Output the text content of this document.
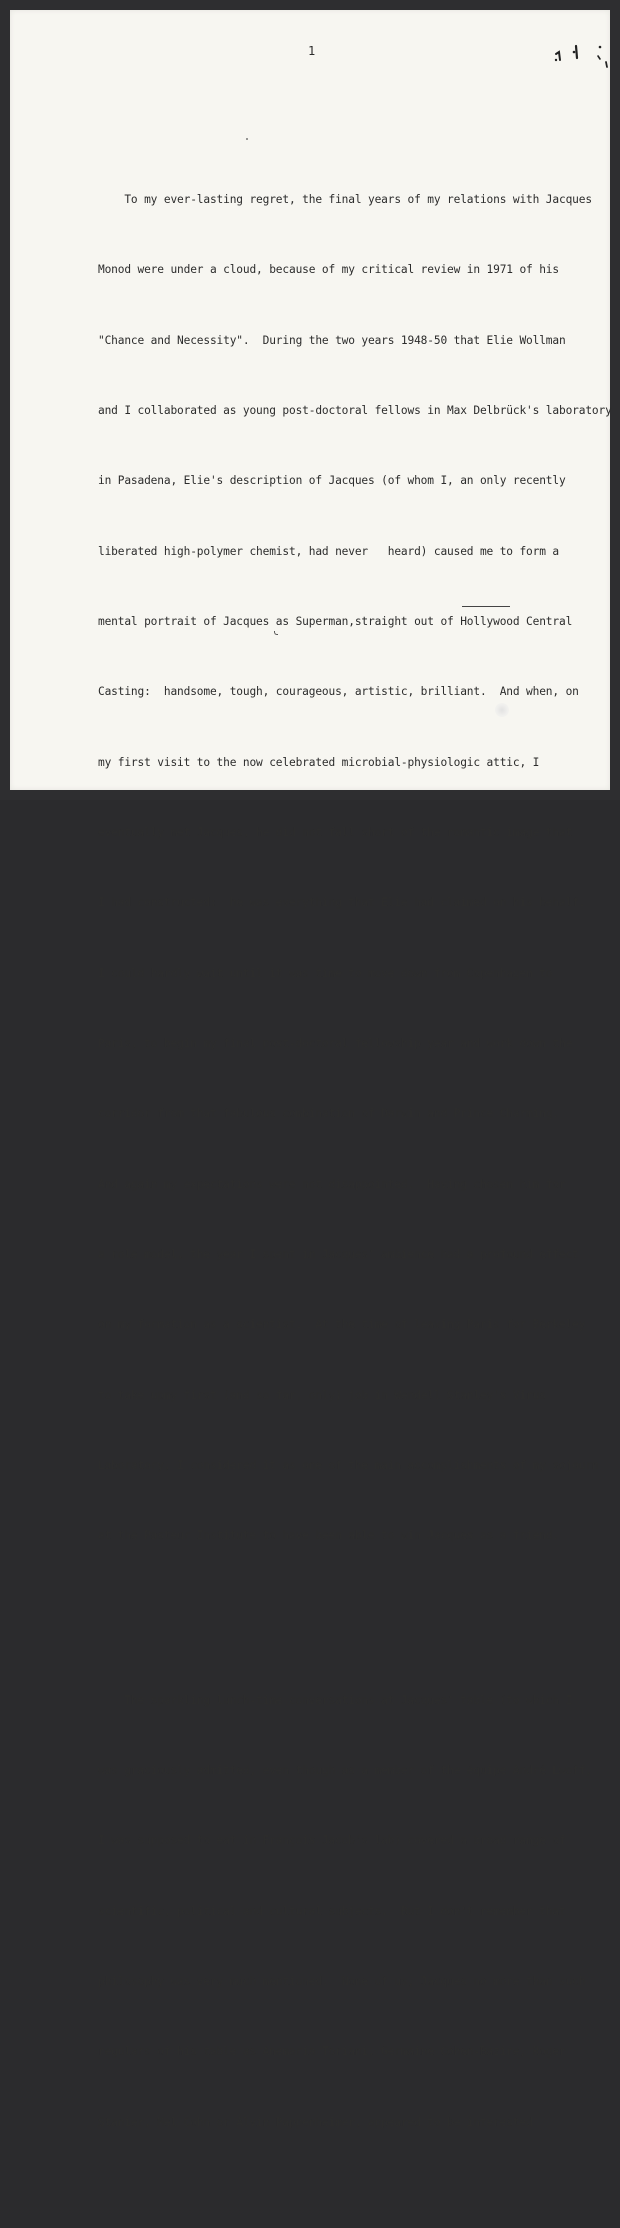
1

To my ever-lasting regret, the final years of my relations with Jacques

Monod were under a cloud, because of my critical review in 1971 of his

"Chance and Necessity".  During the two years 1948-50 that Elie Wollman

and I collaborated as young post-doctoral fellows in Max Delbrück's laboratory

in Pasadena, Elie's description of Jacques (of whom I, an only recently

liberated high-polymer chemist, had never   heard) caused me to form a

mental portrait of Jacques as Superman,straight out of Hollywood Central

Casting:  handsome, tough, courageous, artistic, brilliant.  And when, on

my first visit to the now celebrated microbial-physiologic attic, I

eventually met Jacques, he did not fall short of the romantic image that

I had constructed:  he was everything that Elie had claimed on his behalf.

I could hardly wait until it was time to move down from Copenhagen to

Paris, to begin my final post-doctoral fellowship year and work down the

corridor from that fabulous combination of Darwin and Prince Charming.

And again my expectations were not disappointed.  Having chosen him for

a role model, the year I spent in Jacques' ambience had a profound effect

on my formation as a scientist.  At the time of leaving Paris for Berkeley

to take upmy first (and so far, only) job in Wendell Stanley's Virus

Laboratory, I considered it as one of the main accomplishments of my sojourn

at the Pasteur Institute to have been able to win Jacques as a friend.

The sparkling lunch-time conversations at Jacques' table (to which I

was graciously admitted, even though as a member of the équipe André Lwoff,

I was supposed to eat in François Jacob's lab) covered a broad range of

scientific, political and cultural subjects.  But I don't remember that

philosophy was very much mentioned.  None of us, Jacques no more than such

regulars of his table as Anemaria Toriani, Germaine Cohen-Bazire, Roger

Stanier, Mel Cohn or Alvin Pappenheimer, appeared to be interested
